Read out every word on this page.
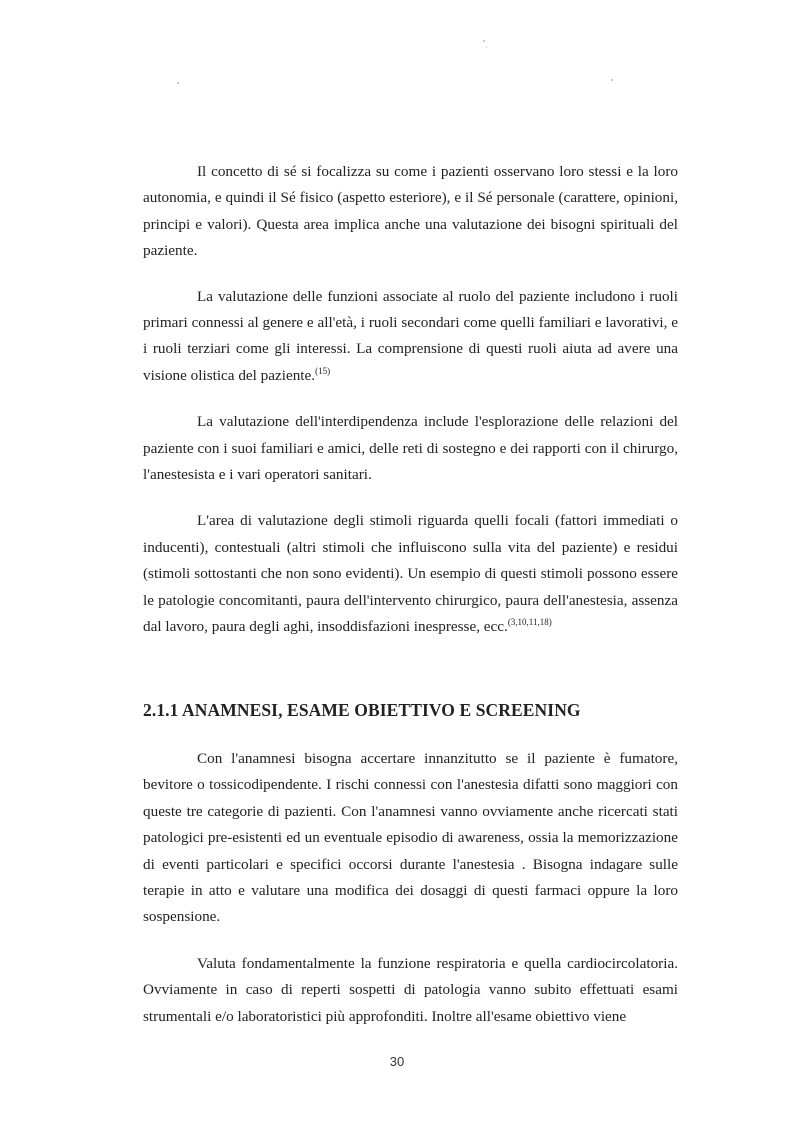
Il concetto di sé si focalizza su come i pazienti osservano loro stessi e la loro autonomia, e quindi il Sé fisico (aspetto esteriore), e il Sé personale (carattere, opinioni, principi e valori). Questa area implica anche una valutazione dei bisogni spirituali del paziente.

La valutazione delle funzioni associate al ruolo del paziente includono i ruoli primari connessi al genere e all'età, i ruoli secondari come quelli familiari e lavorativi, e i ruoli terziari come gli interessi. La comprensione di questi ruoli aiuta ad avere una visione olistica del paziente.$^{(15)}$

La valutazione dell'interdipendenza include l'esplorazione delle relazioni del paziente con i suoi familiari e amici, delle reti di sostegno e dei rapporti con il chirurgo, l'anestesista e i vari operatori sanitari.

L'area di valutazione degli stimoli riguarda quelli focali (fattori immediati o inducenti), contestuali (altri stimoli che influiscono sulla vita del paziente) e residui (stimoli sottostanti che non sono evidenti). Un esempio di questi stimoli possono essere le patologie concomitanti, paura dell'intervento chirurgico, paura dell'anestesia, assenza dal lavoro, paura degli aghi, insoddisfazioni inespresse, ecc.$^{(3,10,11,18)}$

2.1.1 ANAMNESI, ESAME OBIETTIVO E SCREENING

Con l'anamnesi bisogna accertare innanzitutto se il paziente è fumatore, bevitore o tossicodipendente. I rischi connessi con l'anestesia difatti sono maggiori con queste tre categorie di pazienti. Con l'anamnesi vanno ovviamente anche ricercati stati patologici pre-esistenti ed un eventuale episodio di awareness, ossia la memorizzazione di eventi particolari e specifici occorsi durante l'anestesia . Bisogna indagare sulle terapie in atto e valutare una modifica dei dosaggi di questi farmaci oppure la loro sospensione.

Valuta fondamentalmente la funzione respiratoria e quella cardiocircolatoria. Ovviamente in caso di reperti sospetti di patologia vanno subito effettuati esami strumentali e/o laboratoristici più approfonditi. Inoltre all'esame obiettivo viene

30
